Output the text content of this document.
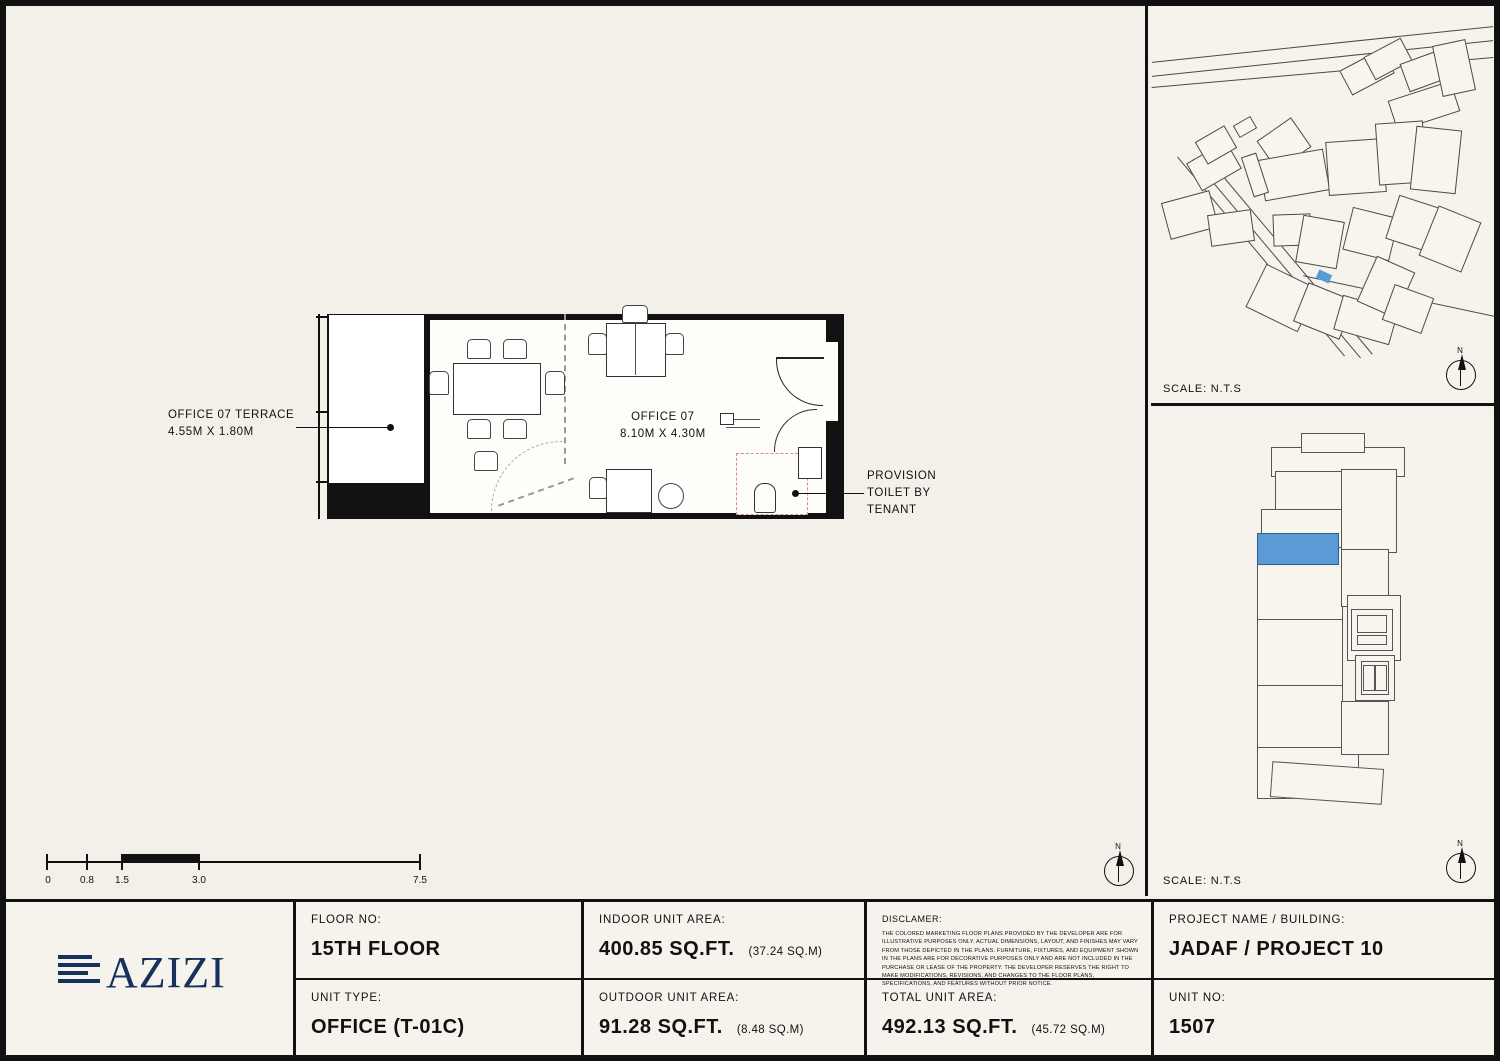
OFFICE 07 TERRACE
4.55M X 1.80M
OFFICE 07
8.10M X 4.30M
PROVISION
TOILET BY
TENANT
0	0.8 1.5	3.0	7.5
N
SCALE: N.T.S
N
SCALE: N.T.S
N
AZIZI
FLOOR NO:
15TH FLOOR
UNIT TYPE:
OFFICE (T-01C)
INDOOR UNIT AREA:
400.85 SQ.FT. (37.24 SQ.M)
OUTDOOR UNIT AREA:
91.28 SQ.FT. (8.48 SQ.M)
DISCLAMER:
THE COLORED MARKETING FLOOR PLANS PROVIDED BY THE DEVELOPER ARE FOR ILLUSTRATIVE PURPOSES ONLY. ACTUAL DIMENSIONS, LAYOUT, AND FINISHES MAY VARY FROM THOSE DEPICTED IN THE PLANS. FURNITURE, FIXTURES, AND EQUIPMENT SHOWN IN THE PLANS ARE FOR DECORATIVE PURPOSES ONLY AND ARE NOT INCLUDED IN THE PURCHASE OR LEASE OF THE PROPERTY. THE DEVELOPER RESERVES THE RIGHT TO MAKE MODIFICATIONS, REVISIONS, AND CHANGES TO THE FLOOR PLANS, SPECIFICATIONS, AND FEATURES WITHOUT PRIOR NOTICE.
TOTAL UNIT AREA:
492.13 SQ.FT. (45.72 SQ.M)
PROJECT NAME / BUILDING:
JADAF / PROJECT 10
UNIT NO:
1507
